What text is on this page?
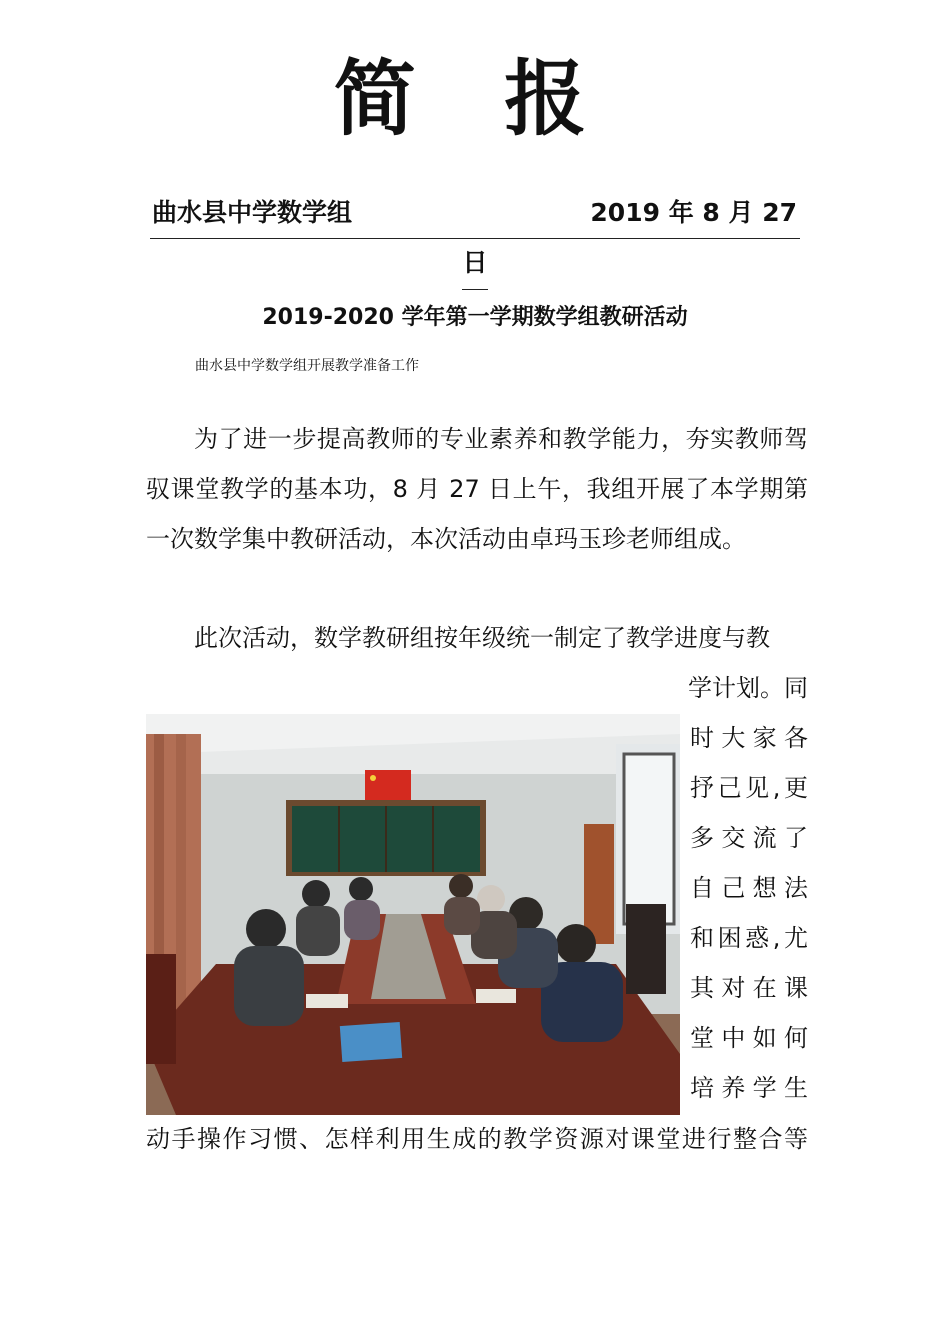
简 报
曲水县中学数学组	2019 年 8 月 27
日
2019-2020 学年第一学期数学组教研活动
曲水县中学数学组开展教学准备工作
为了进一步提高教师的专业素养和教学能力，夯实教师驾驭课堂教学的基本功，8 月 27 日上午，我组开展了本学期第一次数学集中教研活动，本次活动由卓玛玉珍老师组成。
此次活动，数学教研组按年级统一制定了教学进度与教

学计划。同
时大家各
抒己见,更
多交流了
自己想法
和困惑,尤
其对在课
堂中如何
培养学生
动手操作习惯、怎样利用生成的教学资源对课堂进行整合等
